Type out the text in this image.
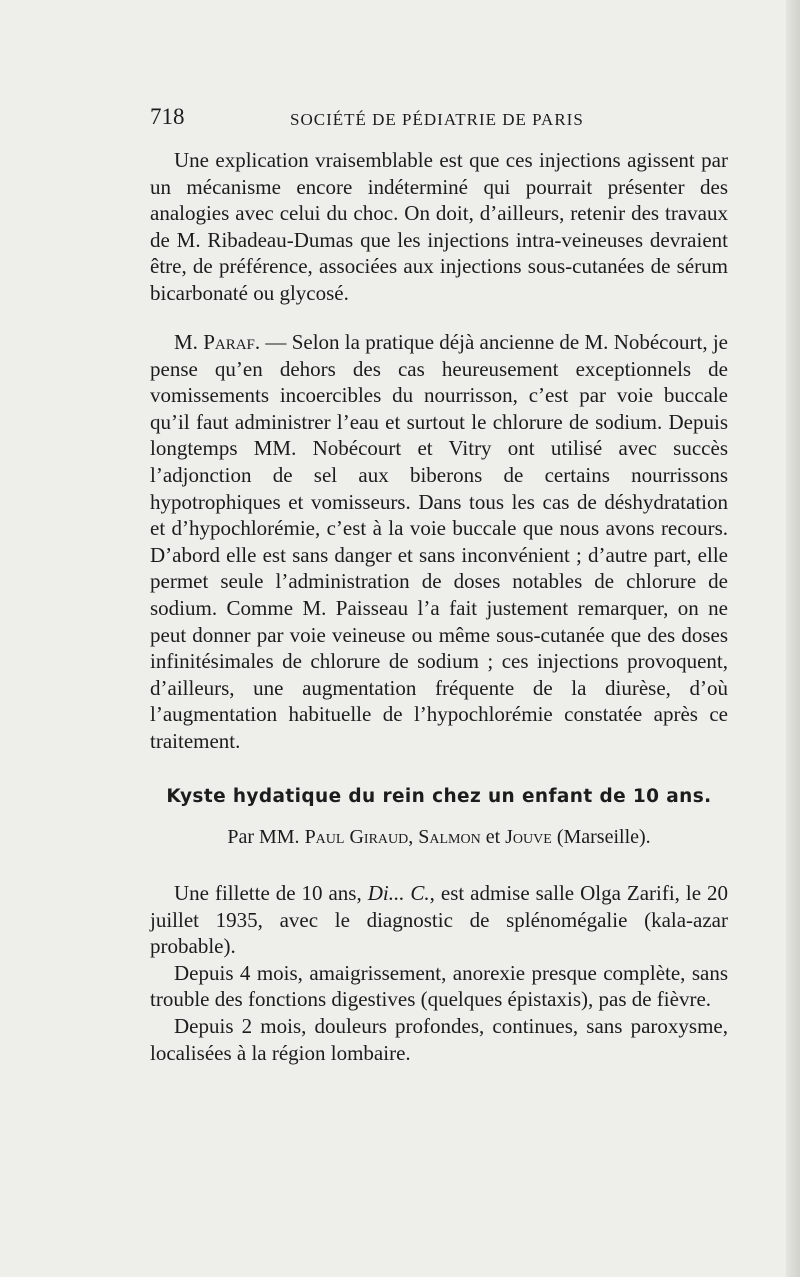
718	SOCIÉTÉ DE PÉDIATRIE DE PARIS

Une explication vraisemblable est que ces injections agissent par un mécanisme encore indéterminé qui pourrait présenter des analogies avec celui du choc. On doit, d’ailleurs, retenir des travaux de M. Ribadeau-Dumas que les injections intra-veineuses devraient être, de préférence, associées aux injections sous-cutanées de sérum bicarbonaté ou glycosé.

M. Paraf. — Selon la pratique déjà ancienne de M. Nobécourt, je pense qu’en dehors des cas heureusement exceptionnels de vomissements incoercibles du nourrisson, c’est par voie buccale qu’il faut administrer l’eau et surtout le chlorure de sodium. Depuis longtemps MM. Nobécourt et Vitry ont utilisé avec succès l’adjonction de sel aux biberons de certains nourrissons hypotrophiques et vomisseurs. Dans tous les cas de déshydratation et d’hypochlorémie, c’est à la voie buccale que nous avons recours. D’abord elle est sans danger et sans inconvénient ; d’autre part, elle permet seule l’administration de doses notables de chlorure de sodium. Comme M. Paisseau l’a fait justement remarquer, on ne peut donner par voie veineuse ou même sous-cutanée que des doses infinitésimales de chlorure de sodium ; ces injections provoquent, d’ailleurs, une augmentation fréquente de la diurèse, d’où l’augmentation habituelle de l’hypochlorémie constatée après ce traitement.

Kyste hydatique du rein chez un enfant de 10 ans.
Par MM. Paul Giraud, Salmon et Jouve (Marseille).

Une fillette de 10 ans, Di... C., est admise salle Olga Zarifi, le 20 juillet 1935, avec le diagnostic de splénomégalie (kala-azar probable).

Depuis 4 mois, amaigrissement, anorexie presque complète, sans trouble des fonctions digestives (quelques épistaxis), pas de fièvre.

Depuis 2 mois, douleurs profondes, continues, sans paroxysme, localisées à la région lombaire.
